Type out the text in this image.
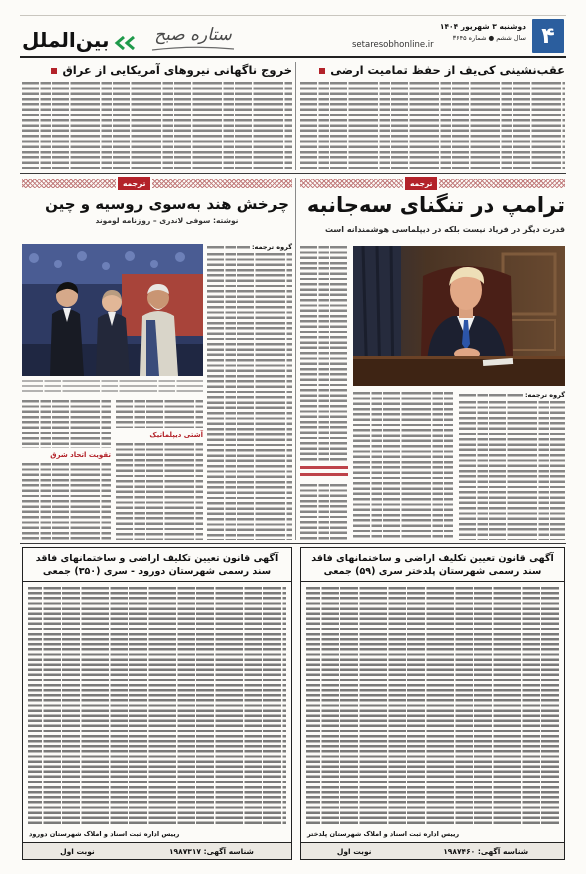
۴
دوشنبه ۳ شهریور ۱۴۰۴
سال ششم ● شماره ۳۶۴۵
setaresobhonline.ir
ستاره صبح
بین‌الملل
عقب‌نشینی کی‌یف از حفظ تمامیت ارضی
خروج ناگهانی نیروهای آمریکایی از عراق
ترجمه
ترامپ در تنگنای سه‌جانبه
قدرت دیگر در فریاد نیست بلکه در دیپلماسی هوشمندانه است
گروه ترجمه:
ترجمه
چرخش هند به‌سوی روسیه و چین
نوشته: سوفی لاندری – روزنامه لوموند
گروه ترجمه:
آشتی دیپلماتیک
تقویت اتحاد شرق
آگهی قانون تعیین تکلیف اراضی و ساختمانهای فاقد سند رسمی شهرستان پلدختر سری (۵۹) جمعی
رییس اداره ثبت اسناد و املاک شهرستان پلدختر
شناسه آگهی: ۱۹۸۷۴۶۰
نوبت اول
آگهی قانون تعیین تکلیف اراضی و ساختمانهای فاقد سند رسمی شهرستان دورود - سری (۳۵۰) جمعی
رییس اداره ثبت اسناد و املاک شهرستان دورود
شناسه آگهی: ۱۹۸۷۳۱۷
نوبت اول
